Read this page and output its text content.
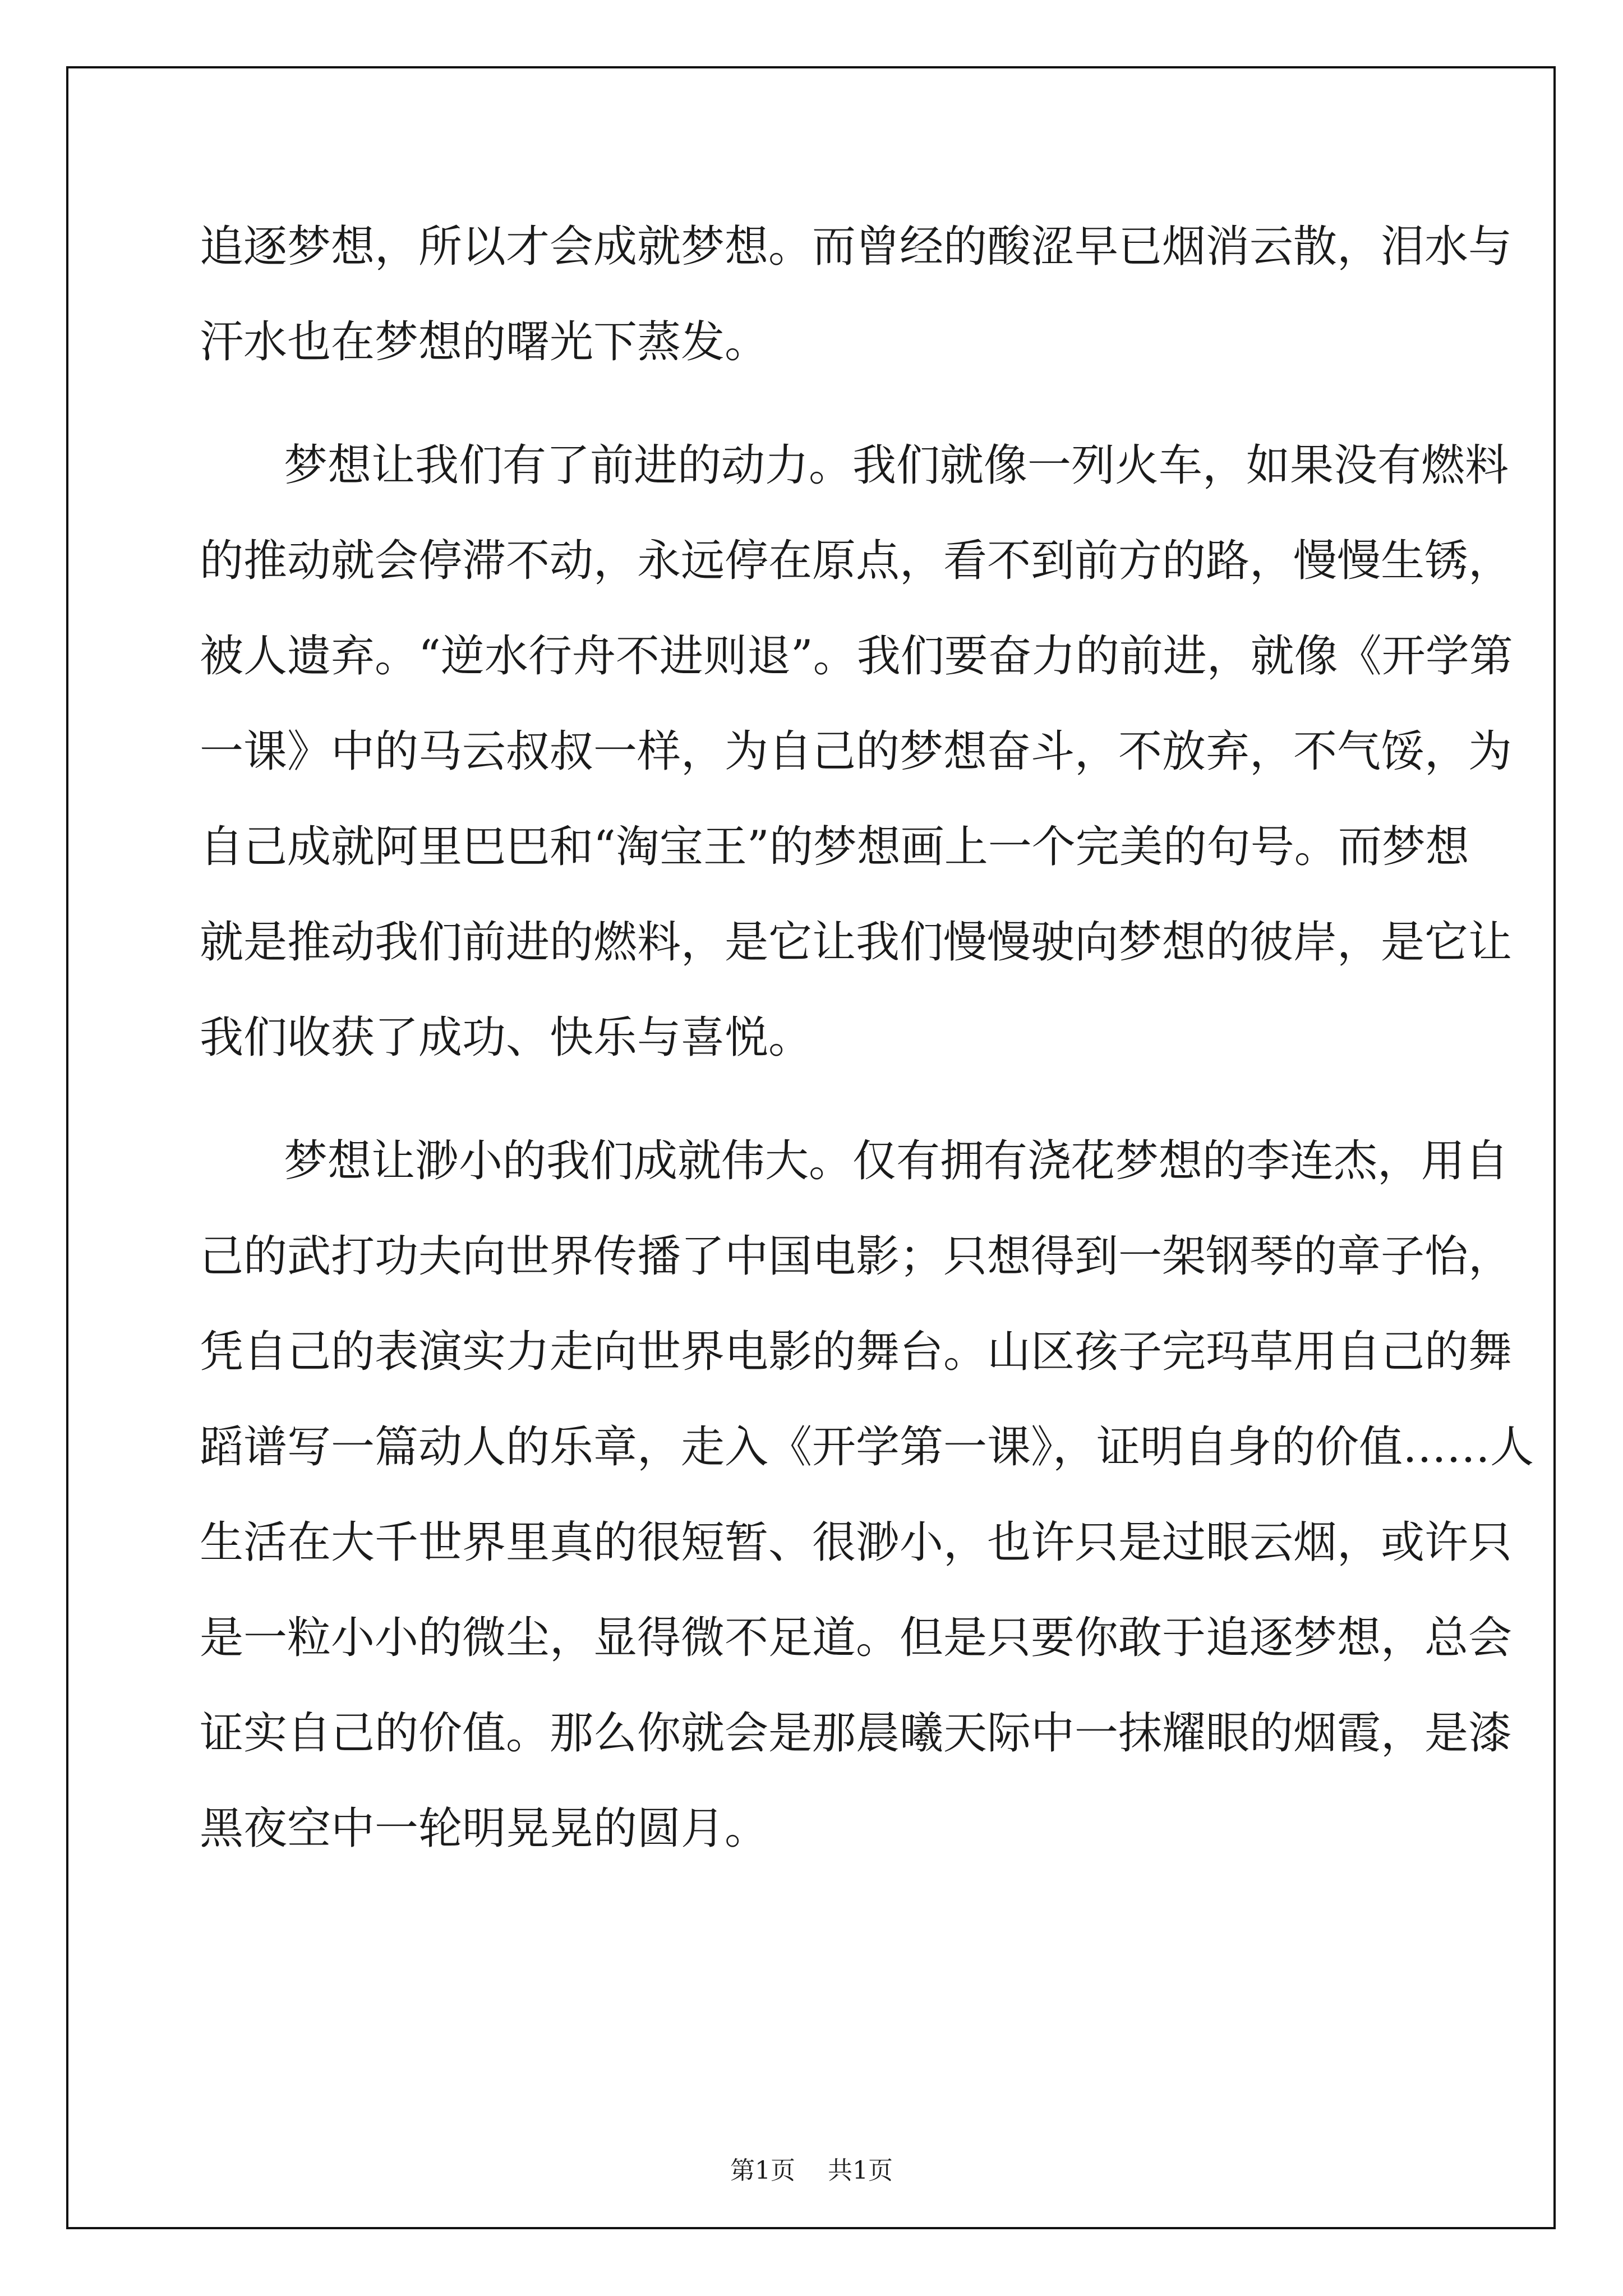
追逐梦想，所以才会成就梦想。而曾经的酸涩早已烟消云散，泪水与
汗水也在梦想的曙光下蒸发。
梦想让我们有了前进的动力。我们就像一列火车，如果没有燃料
的推动就会停滞不动，永远停在原点，看不到前方的路，慢慢生锈，
被人遗弃。“逆水行舟不进则退”。我们要奋力的前进，就像《开学第
一课》中的马云叔叔一样，为自己的梦想奋斗，不放弃，不气馁，为
自己成就阿里巴巴和“淘宝王”的梦想画上一个完美的句号。而梦想
就是推动我们前进的燃料，是它让我们慢慢驶向梦想的彼岸，是它让
我们收获了成功、快乐与喜悦。
梦想让渺小的我们成就伟大。仅有拥有浇花梦想的李连杰，用自
己的武打功夫向世界传播了中国电影；只想得到一架钢琴的章子怡，
凭自己的表演实力走向世界电影的舞台。山区孩子完玛草用自己的舞
蹈谱写一篇动人的乐章，走入《开学第一课》，证明自身的价值……人
生活在大千世界里真的很短暂、很渺小，也许只是过眼云烟，或许只
是一粒小小的微尘，显得微不足道。但是只要你敢于追逐梦想，总会
证实自己的价值。那么你就会是那晨曦天际中一抹耀眼的烟霞，是漆
黑夜空中一轮明晃晃的圆月。
第1页 共1页
